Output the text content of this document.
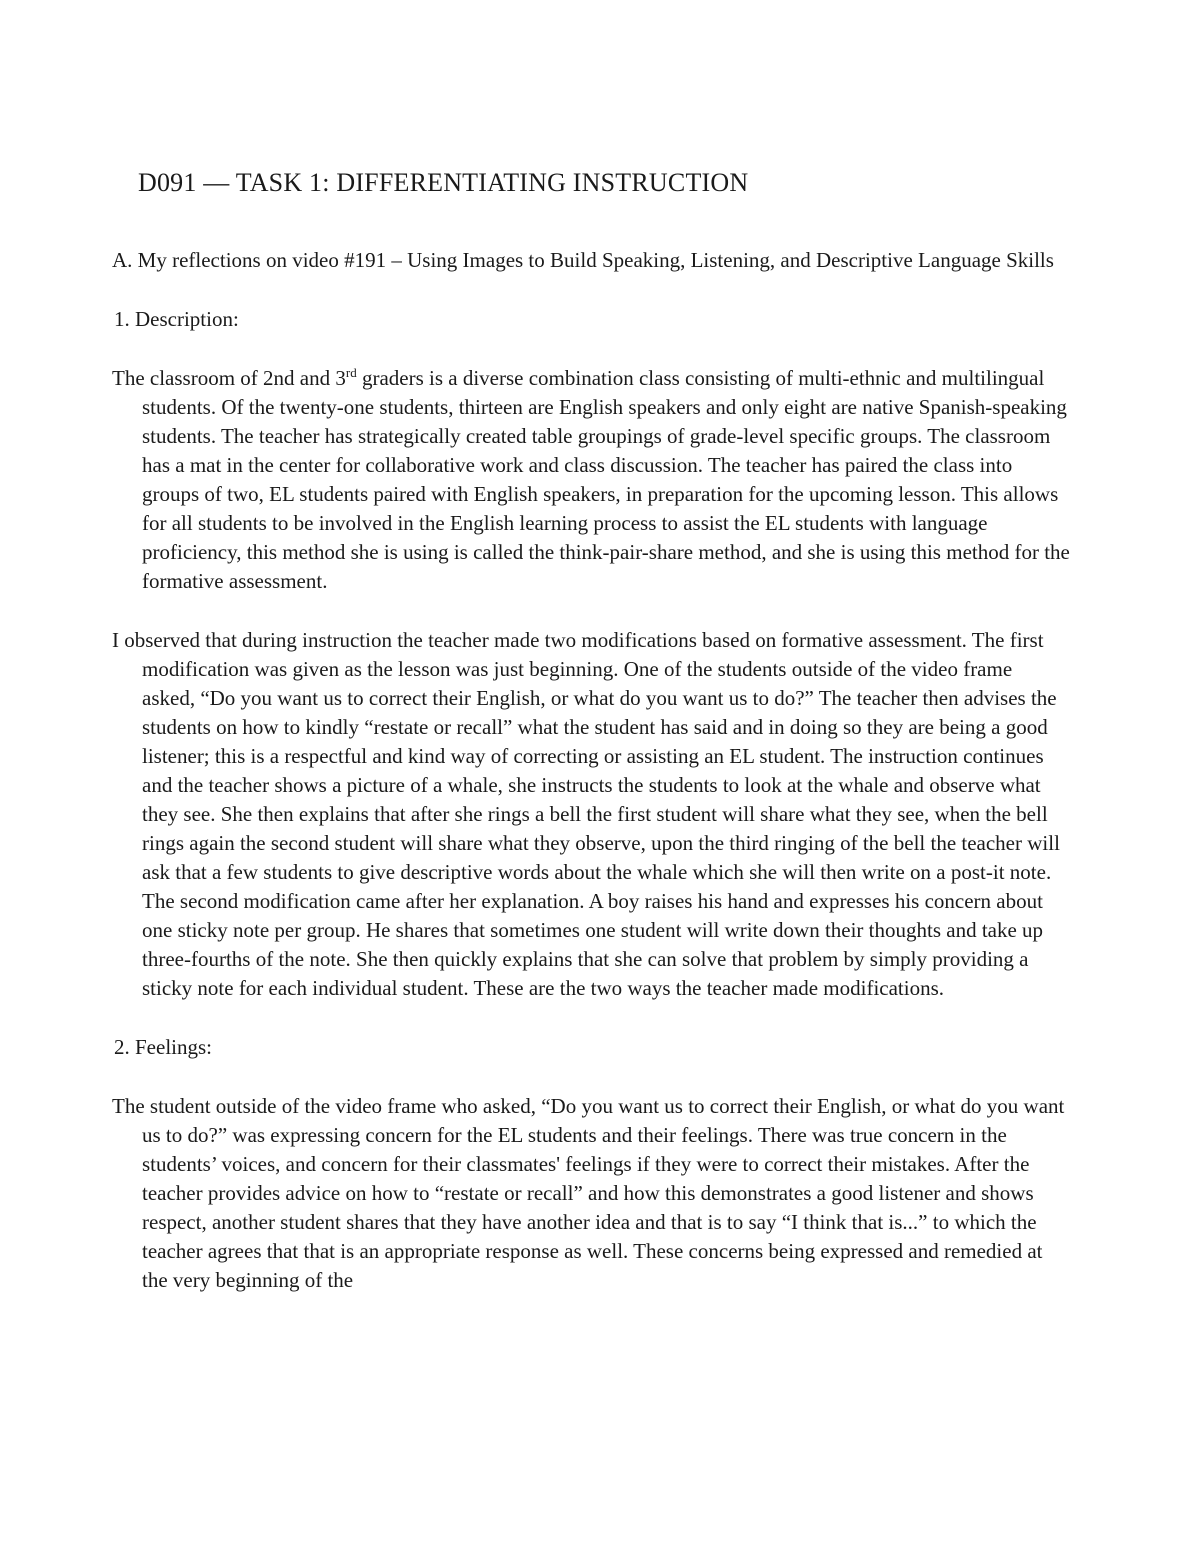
D091 — TASK 1: DIFFERENTIATING INSTRUCTION

A. My reflections on video #191 – Using Images to Build Speaking, Listening, and Descriptive Language Skills

1. Description:

The classroom of 2nd and 3rd graders is a diverse combination class consisting of multi-ethnic and multilingual students. Of the twenty-one students, thirteen are English speakers and only eight are native Spanish-speaking students. The teacher has strategically created table groupings of grade-level specific groups. The classroom has a mat in the center for collaborative work and class discussion. The teacher has paired the class into groups of two, EL students paired with English speakers, in preparation for the upcoming lesson. This allows for all students to be involved in the English learning process to assist the EL students with language proficiency, this method she is using is called the think-pair-share method, and she is using this method for the formative assessment.

I observed that during instruction the teacher made two modifications based on formative assessment. The first modification was given as the lesson was just beginning. One of the students outside of the video frame asked, “Do you want us to correct their English, or what do you want us to do?” The teacher then advises the students on how to kindly “restate or recall” what the student has said and in doing so they are being a good listener; this is a respectful and kind way of correcting or assisting an EL student. The instruction continues and the teacher shows a picture of a whale, she instructs the students to look at the whale and observe what they see. She then explains that after she rings a bell the first student will share what they see, when the bell rings again the second student will share what they observe, upon the third ringing of the bell the teacher will ask that a few students to give descriptive words about the whale which she will then write on a post-it note. The second modification came after her explanation. A boy raises his hand and expresses his concern about one sticky note per group. He shares that sometimes one student will write down their thoughts and take up three-fourths of the note. She then quickly explains that she can solve that problem by simply providing a sticky note for each individual student. These are the two ways the teacher made modifications.

2. Feelings:

The student outside of the video frame who asked, “Do you want us to correct their English, or what do you want us to do?” was expressing concern for the EL students and their feelings. There was true concern in the students’ voices, and concern for their classmates' feelings if they were to correct their mistakes. After the teacher provides advice on how to “restate or recall” and how this demonstrates a good listener and shows respect, another student shares that they have another idea and that is to say “I think that is...” to which the teacher agrees that that is an appropriate response as well. These concerns being expressed and remedied at the very beginning of the
